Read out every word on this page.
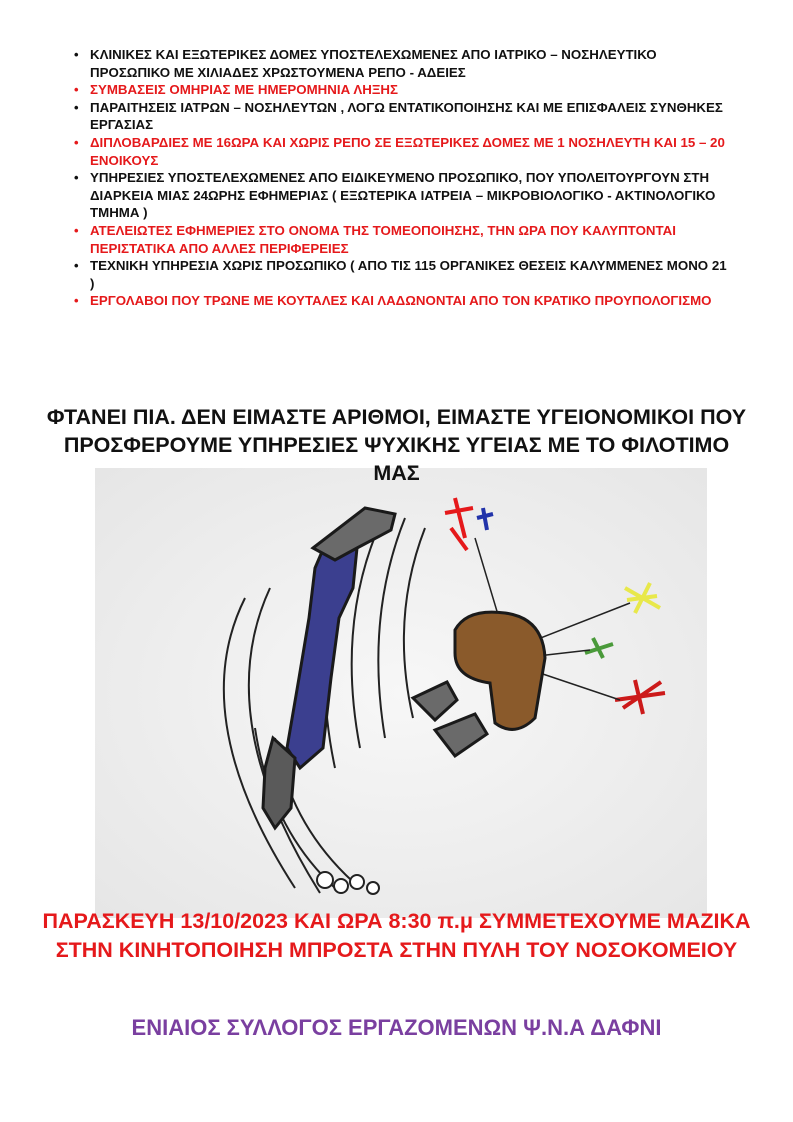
• ΚΛΙΝΙΚΕΣ ΚΑΙ ΕΞΩΤΕΡΙΚΕΣ ΔΟΜΕΣ ΥΠΟΣΤΕΛΕΧΩΜΕΝΕΣ ΑΠΟ ΙΑΤΡΙΚΟ – ΝΟΣΗΛΕΥΤΙΚΟ ΠΡΟΣΩΠΙΚΟ ΜΕ ΧΙΛΙΑΔΕΣ ΧΡΩΣΤΟΥΜΕΝΑ ΡΕΠΟ - ΑΔΕΙΕΣ
• ΣΥΜΒΑΣΕΙΣ ΟΜΗΡΙΑΣ ΜΕ ΗΜΕΡΟΜΗΝΙΑ ΛΗΞΗΣ
• ΠΑΡΑΙΤΗΣΕΙΣ ΙΑΤΡΩΝ – ΝΟΣΗΛΕΥΤΩΝ , ΛΟΓΩ ΕΝΤΑΤΙΚΟΠΟΙΗΣΗΣ ΚΑΙ ΜΕ ΕΠΙΣΦΑΛΕΙΣ ΣΥΝΘΗΚΕΣ ΕΡΓΑΣΙΑΣ
• ΔΙΠΛΟΒΑΡΔΙΕΣ ΜΕ 16ΩΡΑ ΚΑΙ ΧΩΡΙΣ ΡΕΠΟ ΣΕ ΕΞΩΤΕΡΙΚΕΣ ΔΟΜΕΣ ΜΕ 1 ΝΟΣΗΛΕΥΤΗ ΚΑΙ 15 – 20 ΕΝΟΙΚΟΥΣ
• ΥΠΗΡΕΣΙΕΣ ΥΠΟΣΤΕΛΕΧΩΜΕΝΕΣ ΑΠΟ ΕΙΔΙΚΕΥΜΕΝΟ ΠΡΟΣΩΠΙΚΟ, ΠΟΥ ΥΠΟΛΕΙΤΟΥΡΓΟΥΝ ΣΤΗ ΔΙΑΡΚΕΙΑ ΜΙΑΣ 24ΩΡΗΣ ΕΦΗΜΕΡΙΑΣ ( ΕΞΩΤΕΡΙΚΑ ΙΑΤΡΕΙΑ – ΜΙΚΡΟΒΙΟΛΟΓΙΚΟ - ΑΚΤΙΝΟΛΟΓΙΚΟ ΤΜΗΜΑ )
• ΑΤΕΛΕΙΩΤΕΣ ΕΦΗΜΕΡΙΕΣ ΣΤΟ ΟΝΟΜΑ ΤΗΣ ΤΟΜΕΟΠΟΙΗΣΗΣ, ΤΗΝ ΩΡΑ ΠΟΥ ΚΑΛΥΠΤΟΝΤΑΙ ΠΕΡΙΣΤΑΤΙΚΑ ΑΠΟ ΑΛΛΕΣ ΠΕΡΙΦΕΡΕΙΕΣ
• ΤΕΧΝΙΚΗ ΥΠΗΡΕΣΙΑ ΧΩΡΙΣ ΠΡΟΣΩΠΙΚΟ ( ΑΠΟ ΤΙΣ 115 ΟΡΓΑΝΙΚΕΣ ΘΕΣΕΙΣ ΚΑΛΥΜΜΕΝΕΣ ΜΟΝΟ 21 )
• ΕΡΓΟΛΑΒΟΙ ΠΟΥ ΤΡΩΝΕ ΜΕ ΚΟΥΤΑΛΕΣ ΚΑΙ ΛΑΔΩΝΟΝΤΑΙ ΑΠΟ ΤΟΝ ΚΡΑΤΙΚΟ ΠΡΟΥΠΟΛΟΓΙΣΜΟ
ΦΤΑΝΕΙ ΠΙΑ. ΔΕΝ ΕΙΜΑΣΤΕ ΑΡΙΘΜΟΙ, ΕΙΜΑΣΤΕ ΥΓΕΙΟΝΟΜΙΚΟΙ ΠΟΥ ΠΡΟΣΦΕΡΟΥΜΕ ΥΠΗΡΕΣΙΕΣ ΨΥΧΙΚΗΣ ΥΓΕΙΑΣ ΜΕ ΤΟ ΦΙΛΟΤΙΜΟ ΜΑΣ
ΠΑΡΑΣΚΕΥΗ 13/10/2023 ΚΑΙ ΩΡΑ 8:30 π.μ ΣΥΜΜΕΤΕΧΟΥΜΕ ΜΑΖΙΚΑ ΣΤΗΝ ΚΙΝΗΤΟΠΟΙΗΣΗ ΜΠΡΟΣΤΑ ΣΤΗΝ ΠΥΛΗ ΤΟΥ ΝΟΣΟΚΟΜΕΙΟΥ
ΕΝΙΑΙΟΣ ΣΥΛΛΟΓΟΣ ΕΡΓΑΖΟΜΕΝΩΝ Ψ.Ν.Α ΔΑΦΝΙ
